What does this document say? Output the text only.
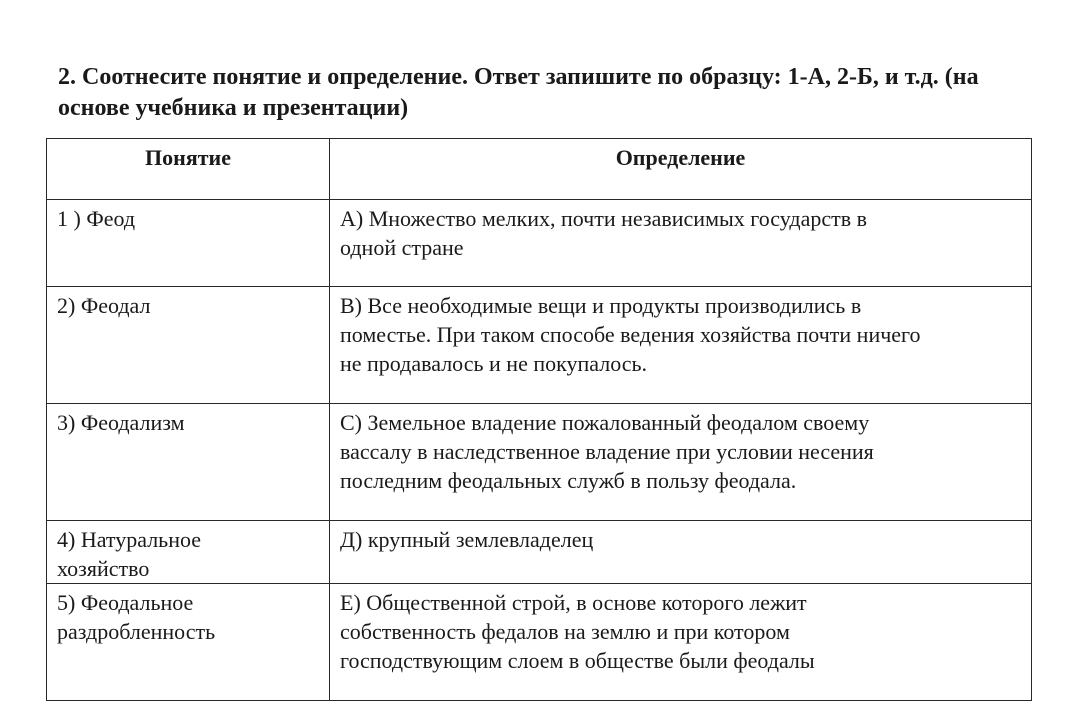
2. Соотнесите понятие и определение. Ответ запишите по образцу: 1-А, 2-Б, и т.д. (на
основе учебника и презентации)
Понятие	Определение

1 ) Феод	А) Множество мелких, почти независимых государств в
одной стране

2) Феодал	В) Все необходимые вещи и продукты производились в
поместье. При таком способе ведения хозяйства почти ничего
не продавалось и не покупалось.

3) Феодализм	С) Земельное владение пожалованный феодалом своему
вассалу в наследственное владение при условии несения
последним феодальных служб в пользу феодала.

4) Натуральное
хозяйство	Д) крупный землевладелец

5) Феодальное
раздробленность	Е) Общественной строй, в основе которого лежит
собственность федалов на землю и при котором
господствующим слоем в обществе были феодалы
